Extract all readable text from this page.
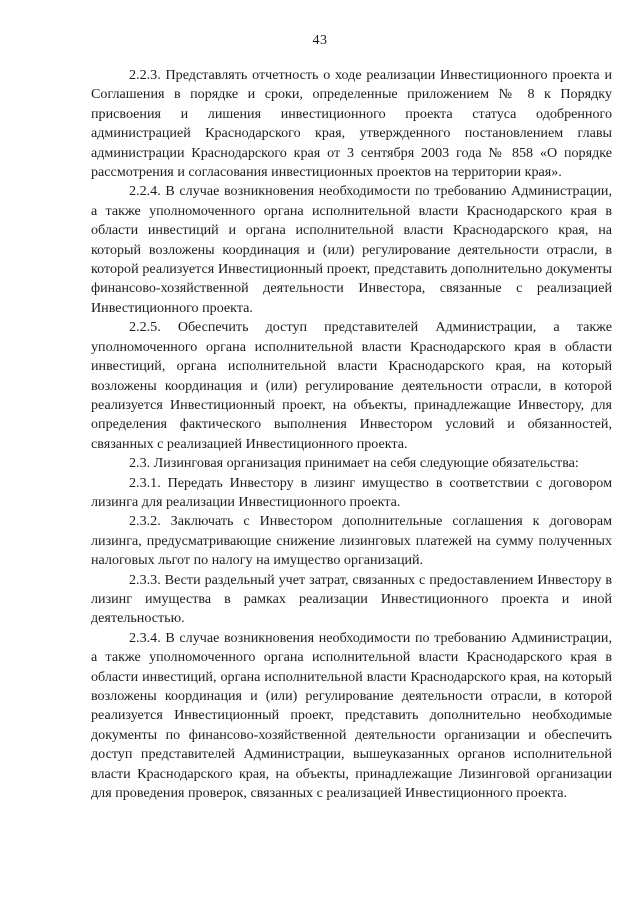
43

2.2.3. Представлять отчетность о ходе реализации Инвестиционного проекта и Соглашения в порядке и сроки, определенные приложением № 8 к Порядку присвоения и лишения инвестиционного проекта статуса одобренного администрацией Краснодарского края, утвержденного постановлением главы администрации Краснодарского края от 3 сентября 2003 года № 858 «О порядке рассмотрения и согласования инвестиционных проектов на территории края».

2.2.4. В случае возникновения необходимости по требованию Администрации, а также уполномоченного органа исполнительной власти Краснодарского края в области инвестиций и органа исполнительной власти Краснодарского края, на который возложены координация и (или) регулирование деятельности отрасли, в которой реализуется Инвестиционный проект, представить дополнительно документы финансово-хозяйственной деятельности Инвестора, связанные с реализацией Инвестиционного проекта.

2.2.5. Обеспечить доступ представителей Администрации, а также уполномоченного органа исполнительной власти Краснодарского края в области инвестиций, органа исполнительной власти Краснодарского края, на который возложены координация и (или) регулирование деятельности отрасли, в которой реализуется Инвестиционный проект, на объекты, принадлежащие Инвестору, для определения фактического выполнения Инвестором условий и обязанностей, связанных с реализацией Инвестиционного проекта.

2.3. Лизинговая организация принимает на себя следующие обязательства:

2.3.1. Передать Инвестору в лизинг имущество в соответствии с договором лизинга для реализации Инвестиционного проекта.

2.3.2. Заключать с Инвестором дополнительные соглашения к договорам лизинга, предусматривающие снижение лизинговых платежей на сумму полученных налоговых льгот по налогу на имущество организаций.

2.3.3. Вести раздельный учет затрат, связанных с предоставлением Инвестору в лизинг имущества в рамках реализации Инвестиционного проекта и иной деятельностью.

2.3.4. В случае возникновения необходимости по требованию Администрации, а также уполномоченного органа исполнительной власти Краснодарского края в области инвестиций, органа исполнительной власти Краснодарского края, на который возложены координация и (или) регулирование деятельности отрасли, в которой реализуется Инвестиционный проект, представить дополнительно необходимые документы по финансово-хозяйственной деятельности организации и обеспечить доступ представителей Администрации, вышеуказанных органов исполнительной власти Краснодарского края, на объекты, принадлежащие Лизинговой организации для проведения проверок, связанных с реализацией Инвестиционного проекта.
